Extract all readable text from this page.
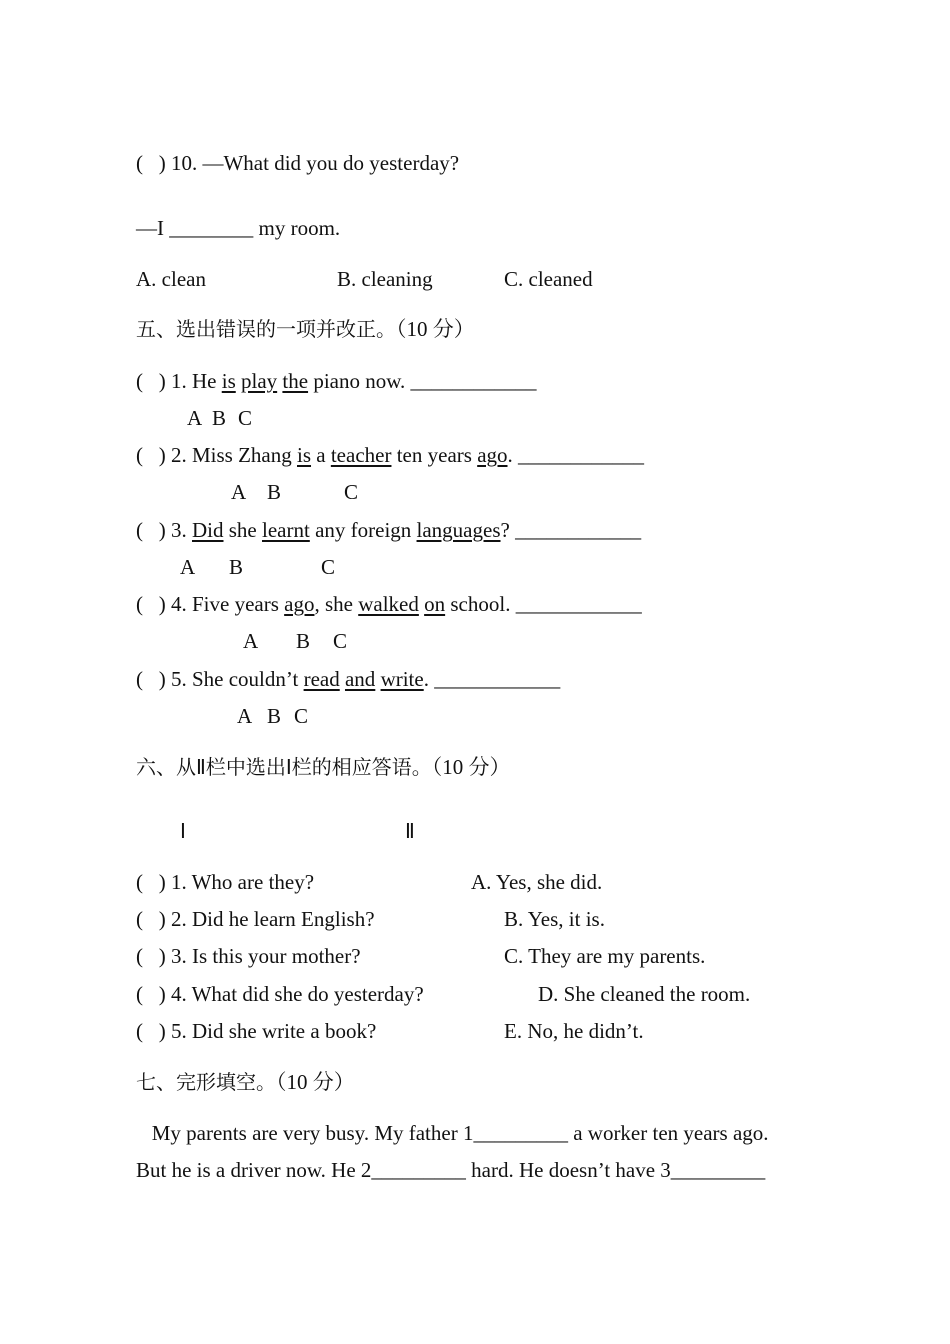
(   ) 10. —What did you do yesterday?
—I ________ my room.
A. clean	B. cleaning	C. cleaned
五、选出错误的一项并改正。（10 分）
(   ) 1. He is play the piano now. ____________
A B C
(   ) 2. Miss Zhang is a teacher ten years ago. ____________
A B	C
(   ) 3. Did she learnt any foreign languages? ____________
A B	C
(   ) 4. Five years ago, she walked on school. ____________
A B C
(   ) 5. She couldn’t read and write. ____________
A B C
六、从Ⅱ栏中选出Ⅰ栏的相应答语。（10 分）
Ⅰ	Ⅱ
(   ) 1. Who are they?	A. Yes, she did.
(   ) 2. Did he learn English?	B. Yes, it is.
(   ) 3. Is this your mother?	C. They are my parents.
(   ) 4. What did she do yesterday?	D. She cleaned the room.
(   ) 5. Did she write a book?	E. No, he didn’t.
七、完形填空。（10 分）
My parents are very busy. My father 1_________ a worker ten years ago.
But he is a driver now. He 2_________ hard. He doesn’t have 3_________
